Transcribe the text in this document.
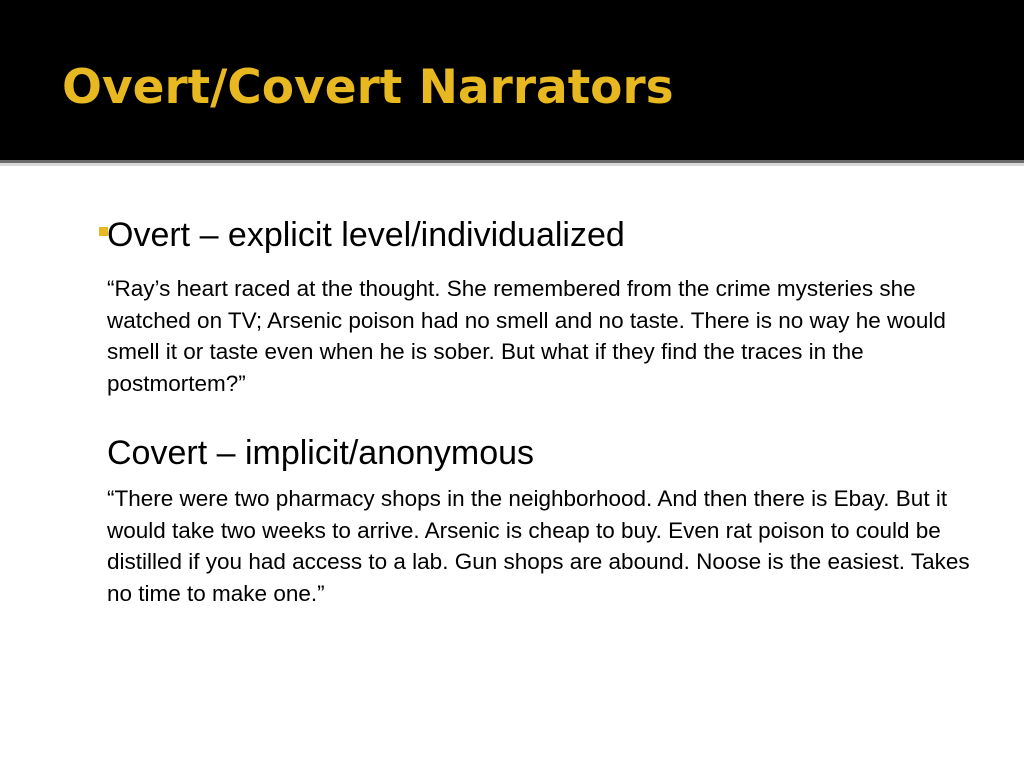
Overt/Covert Narrators

Overt – explicit level/individualized

“Ray’s heart raced at the thought. She remembered from the crime mysteries she watched on TV; Arsenic poison had no smell and no taste. There is no way he would smell it or taste even when he is sober. But what if they find the traces in the postmortem?”

Covert – implicit/anonymous

“There were two pharmacy shops in the neighborhood. And then there is Ebay. But it would take two weeks to arrive. Arsenic is cheap to buy. Even rat poison to could be distilled if you had access to a lab. Gun shops are abound. Noose is the easiest. Takes no time to make one.”
